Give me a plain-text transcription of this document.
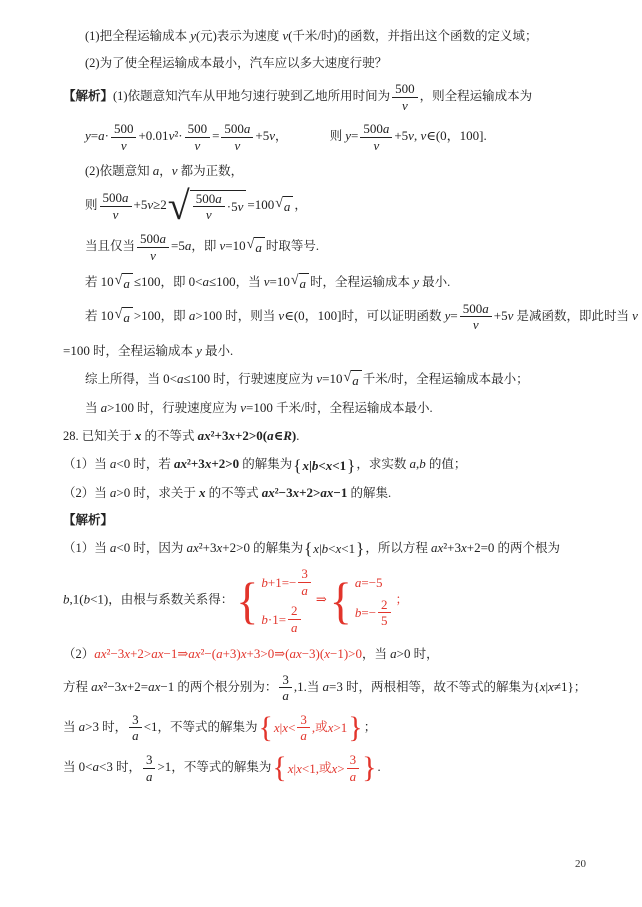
(1)把全程运输成本 y(元)表示为速度 v(千米/时)的函数，并指出这个函数的定义域；
(2)为了使全程运输成本最小，汽车应以多大速度行驶？
【解析】(1)依题意知汽车从甲地匀速行驶到乙地所用时间为 $\frac{500}{v}$ ，则全程运输成本为
$y=a\cdot \frac{500}{v} +0.01v^2\cdot \frac{500}{v} = \frac{500a}{v} +5v$，	则 $y= \frac{500a}{v} +5v$, v∈(0，100].
(2)依题意知 a，v 都为正数，
则 $\frac{500a}{v} +5v\ge 2$ √ $\frac{500a}{v} \cdot 5v =100$ √ a ，
当且仅当 $\frac{500a}{v} =5a$，即 v=10 √ a 时取等号.
若 10 √ a ≤100，即 0<a≤100，当 v=10 √ a 时，全程运输成本 y 最小.
若 10 √ a >100，即 a>100 时，则当 v∈(0，100]时，可以证明函数 $y= \frac{500a}{v} +5v$ 是减函数，即此时当 v
=100 时，全程运输成本 y 最小.
综上所得，当 0<a≤100 时，行驶速度应为 v=10 √ a 千米/时，全程运输成本最小；
当 a>100 时，行驶速度应为 v=100 千米/时，全程运输成本最小.
28. 已知关于 x 的不等式 ax²+3x+2>0(a∈R).
（1）当 a<0 时，若 ax²+3x+2>0 的解集为 { x|b<x<1
} ，求实数 a,b 的值；
（2）当 a>0 时，求关于 x 的不等式 ax²−3x+2>ax−1 的解集.
【解析】
（1）当 a<0 时，因为 ax²+3x+2>0 的解集为 { x|b<x<1
} ，所以方程 ax²+3x+2=0 的两个根为
b,1(b<1)，由根与系数关系得：
{ $b+1=- \frac{3}{a}$
$b\cdot 1= \frac{2}{a}$
⇒
{ a=−5
$b=- \frac{2}{5}$ ；
（2）ax²−3x+2>ax−1⇒ax²−(a+3)x+3>0⇒(ax−3)(x−1)>0，当 a>0 时，
方程 ax²−3x+2=ax−1 的两个根分别为： $\frac{3}{a} ,1$.当 a=3 时，两根相等，故不等式的解集为{x|x≠1}；
当 a>3 时， $\frac{3}{a} <1$，不等式的解集为 { $x|x< \frac{3}{a}$ , 或 x>1
} ；
当 0<a<3 时， $\frac{3}{a} >1$，不等式的解集为 { x|x<1, 或 $x> \frac{3}{a}$
} .
20
